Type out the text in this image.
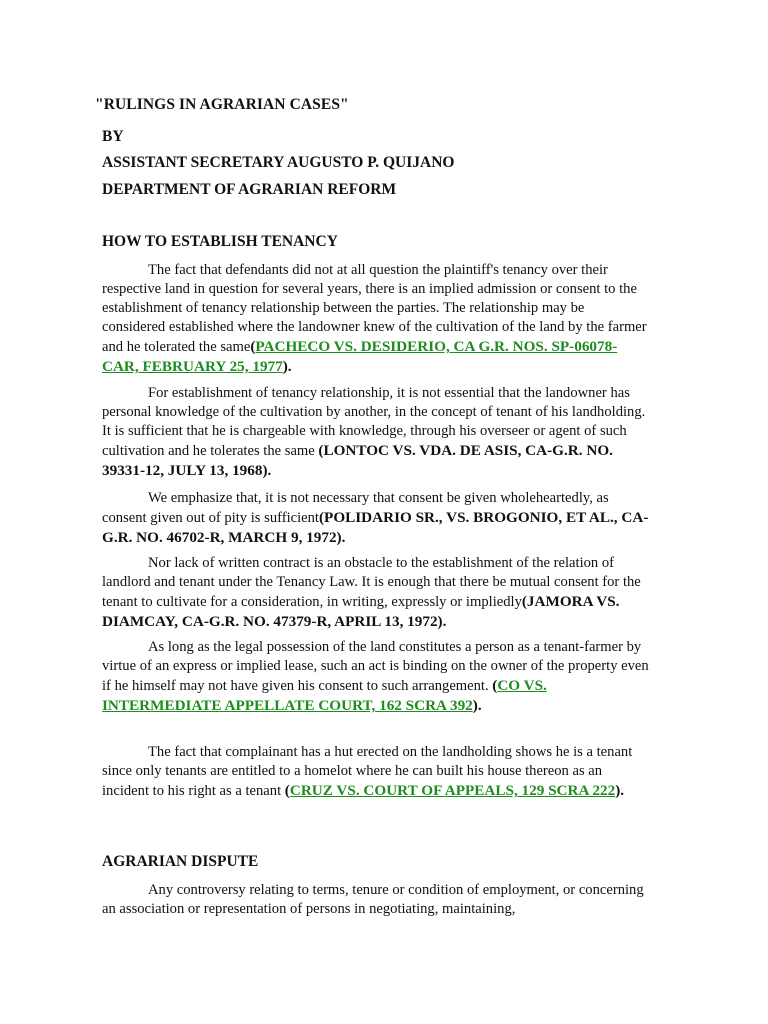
"RULINGS IN AGRARIAN CASES"

BY

ASSISTANT SECRETARY AUGUSTO P. QUIJANO

DEPARTMENT OF AGRARIAN REFORM

HOW TO ESTABLISH TENANCY

The fact that defendants did not at all question the plaintiff's tenancy over their respective land in question for several years, there is an implied admission or consent to the establishment of tenancy relationship between the parties. The relationship may be considered established where the landowner knew of the cultivation of the land by the farmer and he tolerated the same(PACHECO VS. DESIDERIO, CA G.R. NOS. SP-06078-CAR, FEBRUARY 25, 1977).

For establishment of tenancy relationship, it is not essential that the landowner has personal knowledge of the cultivation by another, in the concept of tenant of his landholding. It is sufficient that he is chargeable with knowledge, through his overseer or agent of such cultivation and he tolerates the same (LONTOC VS. VDA. DE ASIS, CA-G.R. NO. 39331-12, JULY 13, 1968).

We emphasize that, it is not necessary that consent be given wholeheartedly, as consent given out of pity is sufficient(POLIDARIO SR., VS. BROGONIO, ET AL., CA-G.R. NO. 46702-R, MARCH 9, 1972).

Nor lack of written contract is an obstacle to the establishment of the relation of landlord and tenant under the Tenancy Law. It is enough that there be mutual consent for the tenant to cultivate for a consideration, in writing, expressly or impliedly(JAMORA VS. DIAMCAY, CA-G.R. NO. 47379-R, APRIL 13, 1972).

As long as the legal possession of the land constitutes a person as a tenant-farmer by virtue of an express or implied lease, such an act is binding on the owner of the property even if he himself may not have given his consent to such arrangement. (CO VS. INTERMEDIATE APPELLATE COURT, 162 SCRA 392).

The fact that complainant has a hut erected on the landholding shows he is a tenant since only tenants are entitled to a homelot where he can built his house thereon as an incident to his right as a tenant (CRUZ VS. COURT OF APPEALS, 129 SCRA 222).

AGRARIAN DISPUTE

Any controversy relating to terms, tenure or condition of employment, or concerning an association or representation of persons in negotiating, maintaining,
